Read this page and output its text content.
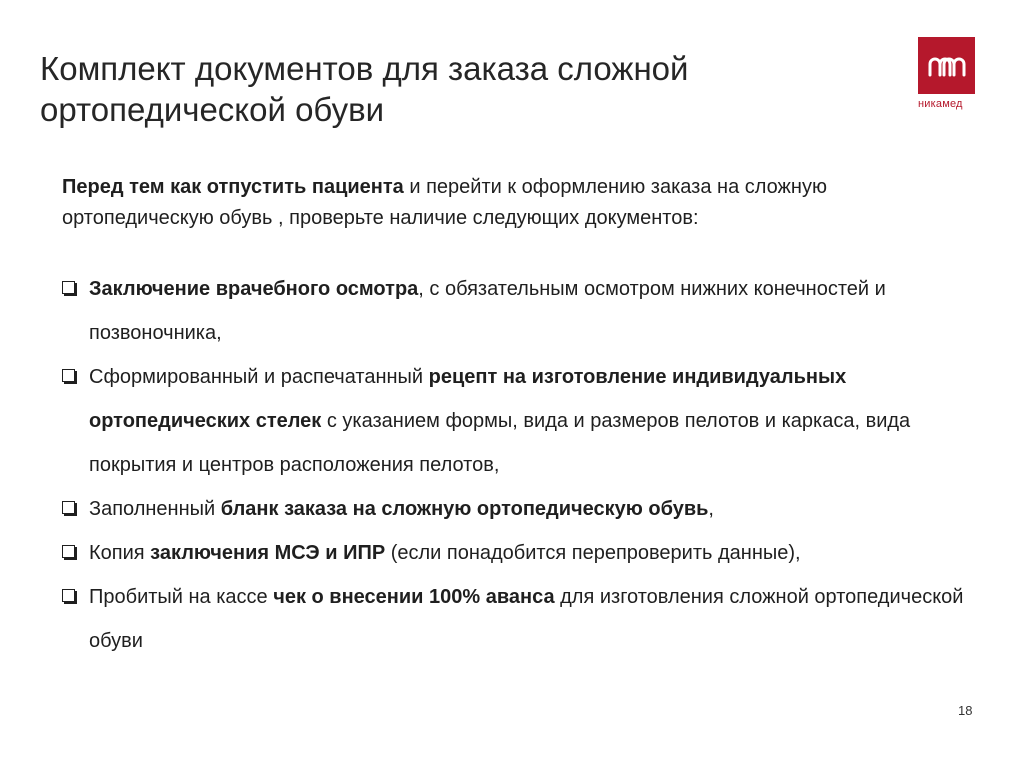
Комплект документов для заказа сложной ортопедической обуви	никамед
Перед тем как отпустить пациента и перейти к оформлению заказа на сложную ортопедическую обувь , проверьте наличие следующих документов:
Заключение врачебного осмотра, с обязательным осмотром нижних конечностей и позвоночника,
Сформированный и распечатанный рецепт на изготовление индивидуальных ортопедических стелек с указанием формы, вида и размеров пелотов и каркаса, вида покрытия и центров расположения пелотов,
Заполненный бланк заказа на сложную ортопедическую обувь,
Копия заключения МСЭ и ИПР (если понадобится перепроверить данные),
Пробитый на кассе чек о внесении 100% аванса для изготовления сложной ортопедической обуви
18
